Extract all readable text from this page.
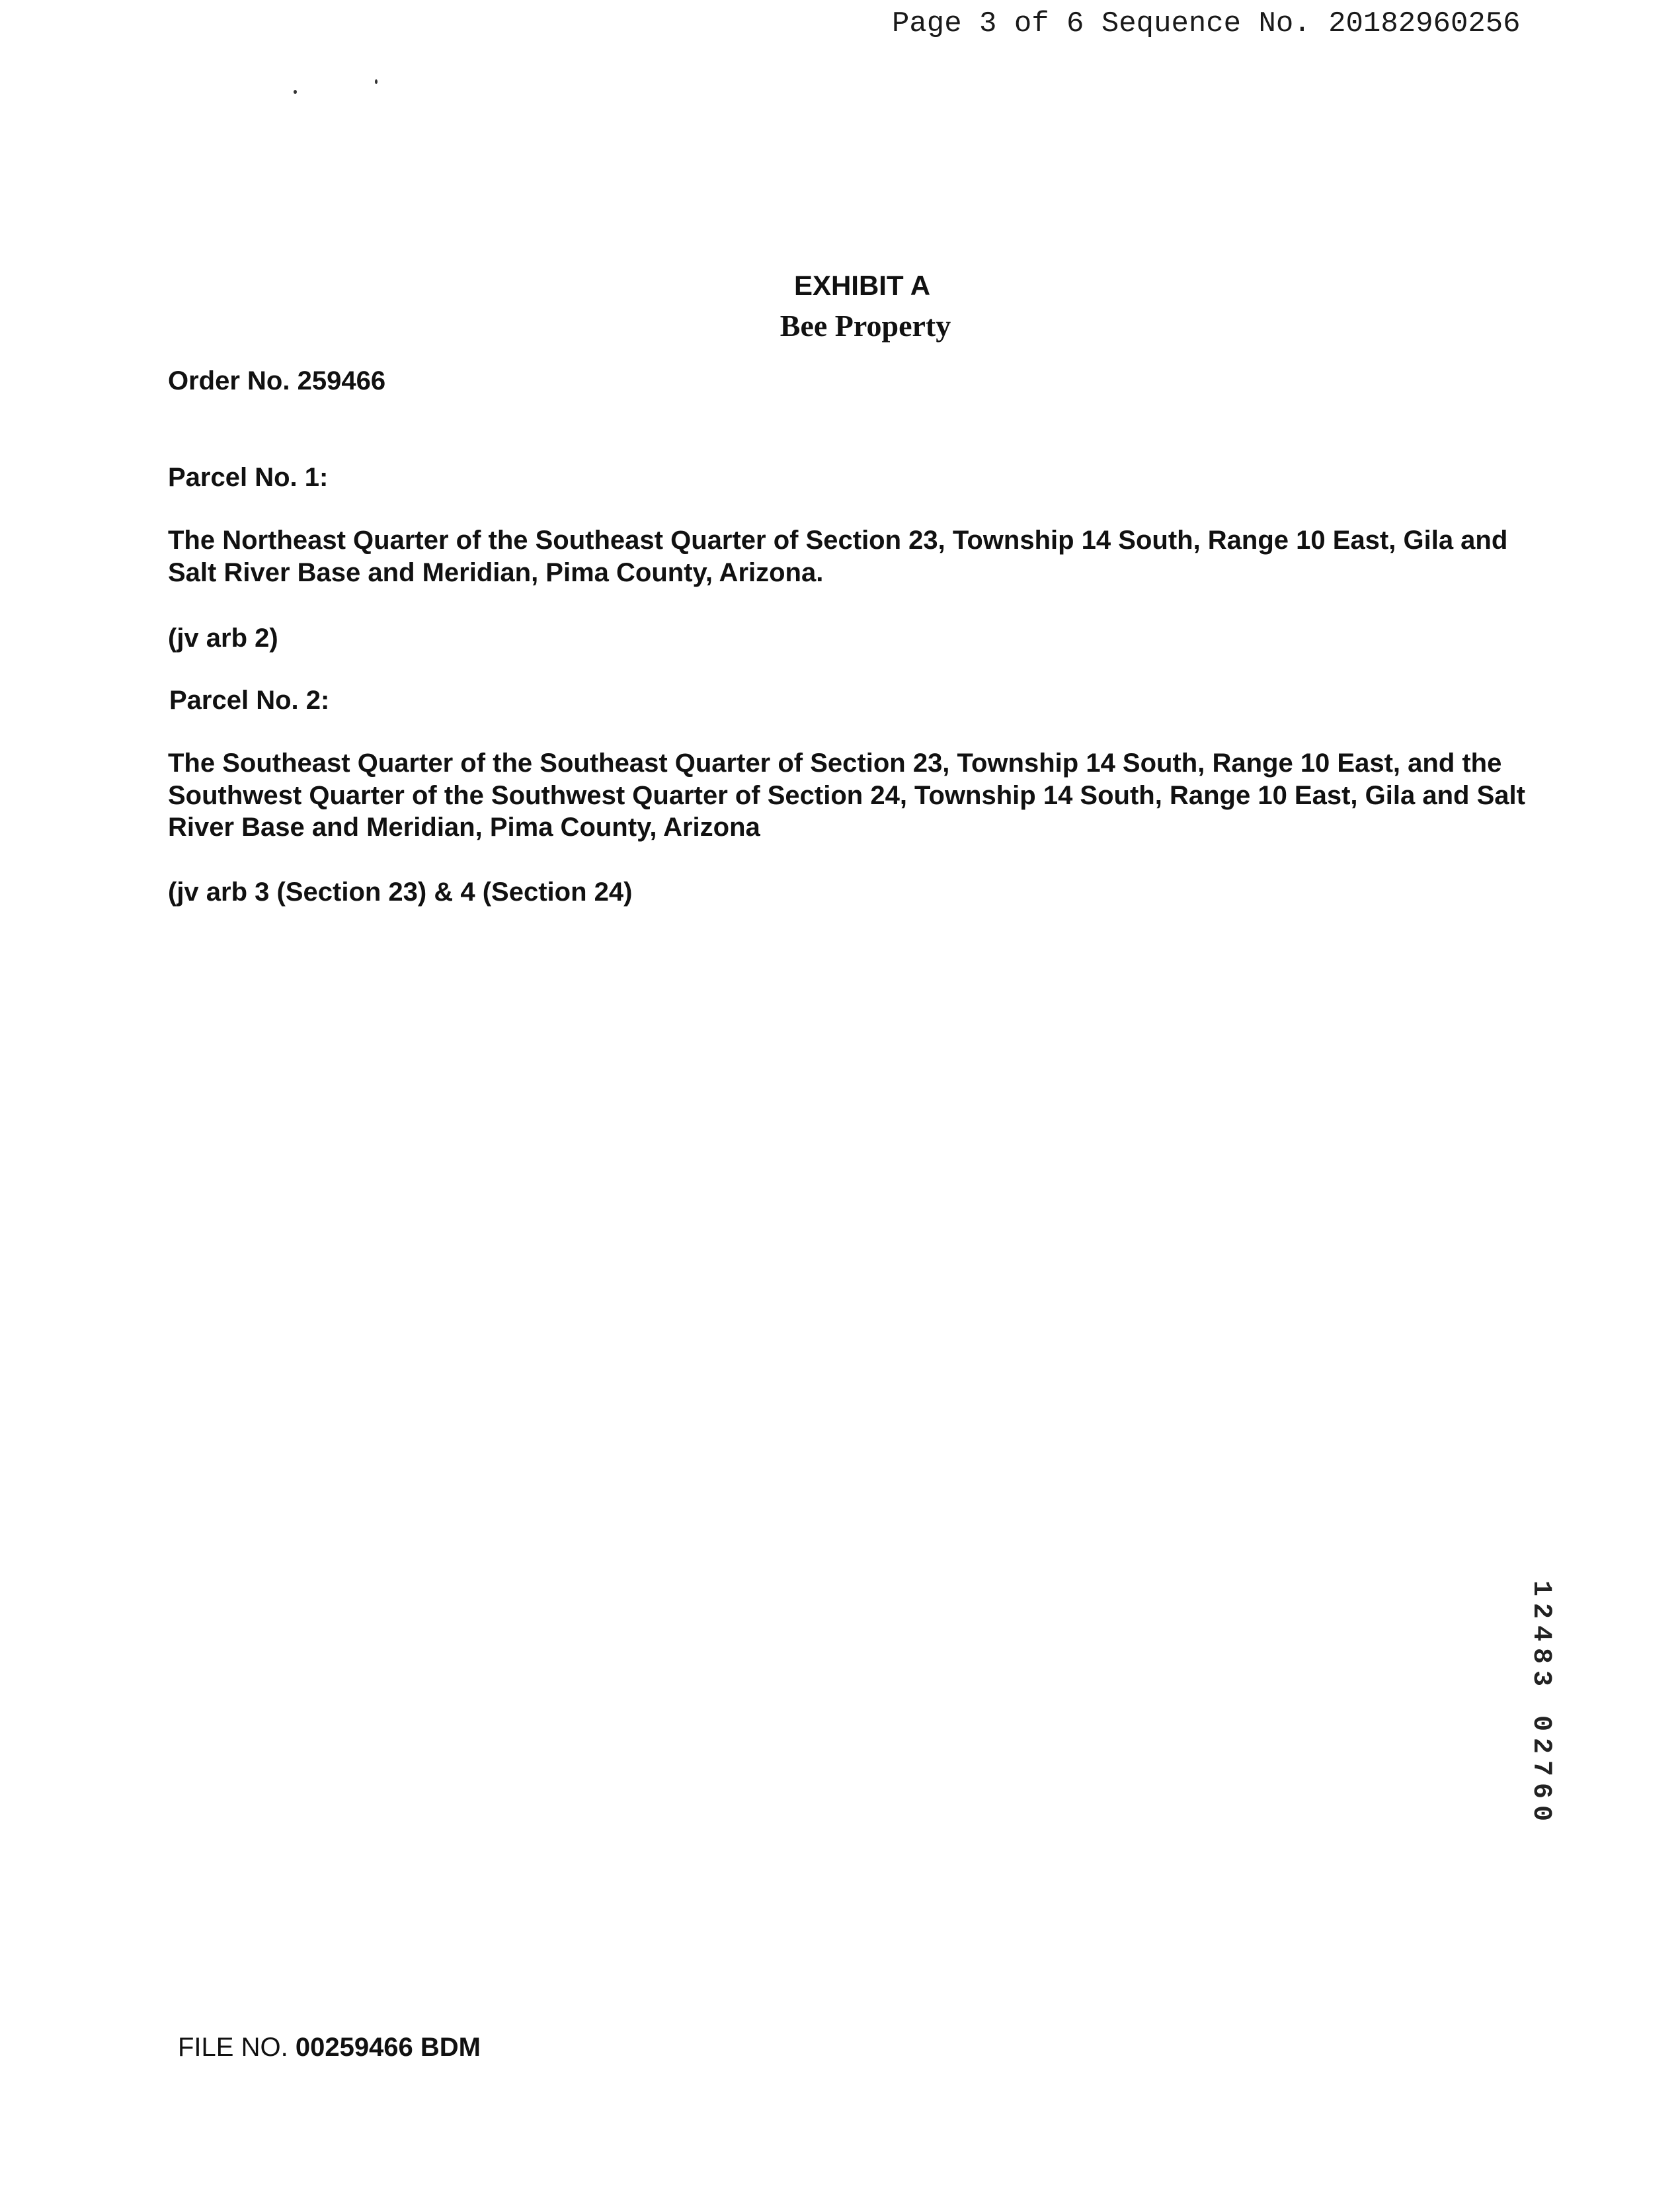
Page 3 of 6 Sequence No. 20182960256
EXHIBIT A
Bee Property
Order No. 259466
Parcel No. 1:
The Northeast Quarter of the Southeast Quarter of Section 23, Township 14 South, Range 10 East, Gila and
Salt River Base and Meridian, Pima County, Arizona.
(jv arb 2)
Parcel No. 2:
The Southeast Quarter of the Southeast Quarter of Section 23, Township 14 South, Range 10 East, and the
Southwest Quarter of the Southwest Quarter of Section 24, Township 14 South, Range 10 East, Gila and Salt
River Base and Meridian, Pima County, Arizona
(jv arb 3 (Section 23) & 4 (Section 24)
12483 02760
FILE NO. 00259466 BDM
